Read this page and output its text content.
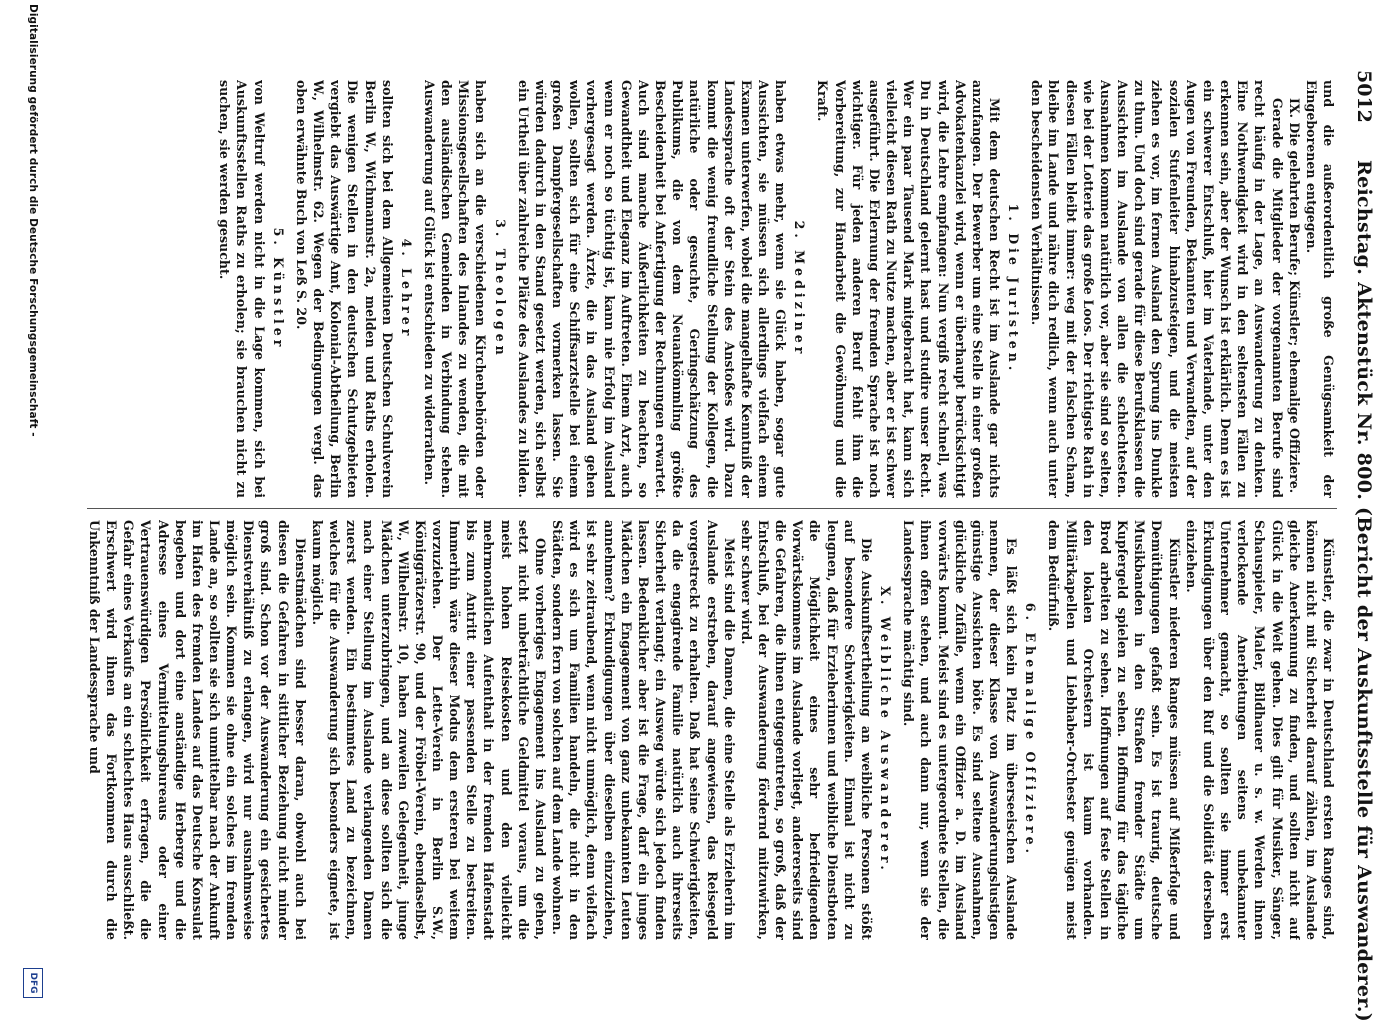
5012
Reichstag. Aktenstück Nr. 800. (Bericht der Auskunftsstelle für Auswanderer.)

und die außerordentlich große Genügsamkeit der Eingeborenen entgegen.

IX. Die gelehrten Berufe; Künstler; ehemalige Offiziere.

Gerade die Mitglieder der vorgenannten Berufe sind recht häufig in der Lage, an Auswanderung zu denken. Eine Nothwendigkeit wird in den seltensten Fällen zu erkennen sein, aber der Wunsch ist erklärlich. Denn es ist ein schwerer Entschluß, hier im Vaterlande, unter den Augen von Freunden, Bekannten und Verwandten, auf der sozialen Stufenleiter hinabzusteigen, und die meisten ziehen es vor, im fernen Ausland den Sprung ins Dunkle zu thun. Und doch sind gerade für diese Berufsklassen die Aussichten im Auslande von allen die schlechtesten. Ausnahmen kommen natürlich vor, aber sie sind so selten, wie bei der Lotterie das große Loos. Der richtigste Rath in diesen Fällen bleibt immer: weg mit der falschen Scham, bleibe im Lande und nähre dich redlich, wenn auch unter den bescheidensten Verhältnissen.

1. Die Juristen.

Mit dem deutschen Recht ist im Auslande gar nichts anzufangen. Der Bewerber um eine Stelle in einer großen Advokatenkanzlei wird, wenn er überhaupt berücksichtigt wird, die Lehre empfangen: Nun vergiß recht schnell, was Du in Deutschland gelernt hast und studire unser Recht. Wer ein paar Tausend Mark mitgebracht hat, kann sich vielleicht diesen Rath zu Nutze machen, aber er ist schwer ausgeführt. Die Erlernung der fremden Sprache ist noch wichtiger. Für jeden anderen Beruf fehlt ihm die Vorbereitung, zur Handarbeit die Gewöhnung und die Kraft.

2. Mediziner

haben etwas mehr, wenn sie Glück haben, sogar gute Aussichten, sie müssen sich allerdings vielfach einem Examen unterwerfen, wobei die mangelhafte Kenntniß der Landessprache oft der Stein des Anstoßes wird. Dazu kommt die wenig freundliche Stellung der Kollegen, die natürliche oder gesuchte, Geringschätzung des Publikums, die von dem Neuankömmling größte Bescheidenheit bei Anfertigung der Rechnungen erwartet. Auch sind manche Äußerlichkeiten zu beachten, so Gewandtheit und Eleganz im Auftreten. Einem Arzt, auch wenn er noch so tüchtig ist, kann nie Erfolg im Ausland vorhergesagt werden. Ärzte, die in das Ausland gehen wollen, sollten sich für eine Schiffsarztstelle bei einem großen Dampfergesellschaften vormerken lassen. Sie würden dadurch in den Stand gesetzt werden, sich selbst ein Urtheil über zahlreiche Plätze des Auslandes zu bilden.

3. Theologen

haben sich an die verschiedenen Kirchenbehörden oder Missionsgesellschaften des Inlandes zu wenden, die mit den ausländischen Gemeinden in Verbindung stehen. Auswanderung auf Glück ist entschieden zu widerrathen.

4. Lehrer

sollten sich bei dem Allgemeinen Deutschen Schulverein Berlin W., Wichmannstr. 2a, melden und Raths erholen. Die wenigen Stellen in den deutschen Schutzgebieten vergiebt das Auswärtige Amt, Kolonial-Abtheilung, Berlin W., Wilhelmstr. 62. Wegen der Bedingungen vergl. das oben erwähnte Buch von Leß S. 20.

5. Künstler

von Weltruf werden nicht in die Lage kommen, sich bei Auskunftsstellen Raths zu erholen; sie brauchen nicht zu suchen, sie werden gesucht.

Künstler, die zwar in Deutschland ersten Ranges sind, können nicht mit Sicherheit darauf zählen, im Auslande gleiche Anerkennung zu finden, und sollten nicht auf Glück in die Welt gehen. Dies gilt für Musiker, Sänger, Schauspieler, Maler, Bildhauer u. s. w. Werden ihnen verlockende Anerbietungen seitens unbekannter Unternehmer gemacht, so sollten sie immer erst Erkundigungen über den Ruf und die Solidität derselben einziehen.

Künstler niederen Ranges müssen auf Mißerfolge und Demüthigungen gefaßt sein. Es ist traurig, deutsche Musikbanden in den Straßen fremder Städte um Kupfergeld spielen zu sehen. Hoffnung für das tägliche Brod arbeiten zu sehen. Hoffnungen auf feste Stellen in den lokalen Orchestern ist kaum vorhanden. Militärkapellen und Liebhaber-Orchester genügen meist dem Bedürfniß.

6. Ehemalige Offiziere.

Es läßt sich kein Platz im überseeischen Auslande nennen, der dieser Klasse von Auswanderungslustigen günstige Aussichten böte. Es sind seltene Ausnahmen, glückliche Zufälle, wenn ein Offizier a. D. im Ausland vorwärts kommt. Meist sind es untergeordnete Stellen, die ihnen offen stehen, und auch dann nur, wenn sie der Landessprache mächtig sind.

X. Weibliche Auswanderer.

Die Auskunftsertheilung an weibliche Personen stößt auf besondere Schwierigkeiten. Einmal ist nicht zu leugnen, daß für Erzieherinnen und weibliche Dienstboten die Möglichkeit eines sehr befriedigenden Vorwärtskommens im Auslande vorliegt, andererseits sind die Gefahren, die ihnen entgegentreten, so groß, daß der Entschluß, bei der Auswanderung fördernd mitzuwirken, sehr schwer wird.

Meist sind die Damen, die eine Stelle als Erzieherin im Auslande erstreben, darauf angewiesen, das Reisegeld vorgestreckt zu erhalten. Daß hat seine Schwierigkeiten, da die engagirende Familie natürlich auch ihrerseits Sicherheit verlangt; ein Ausweg würde sich jedoch finden lassen. Bedenklicher aber ist die Frage, darf ein junges Mädchen ein Engagement von ganz unbekannten Leuten annehmen? Erkundigungen über dieselben einzuziehen, ist sehr zeitraubend, wenn nicht unmöglich, denn vielfach wird es sich um Familien handeln, die nicht in den Städten, sondern fern von solchen auf dem Lande wohnen.

Ohne vorheriges Engagement ins Ausland zu gehen, setzt nicht unbeträchtliche Geldmittel voraus, um die meist hohen Reisekosten und den vielleicht mehrmonatlichen Aufenthalt in der fremden Hafenstadt bis zum Antritt einer passenden Stelle zu bestreiten. Immerhin wäre dieser Modus dem ersteren bei weitem vorzuziehen. Der Lette-Verein in Berlin S.W., Königgrätzerstr. 90, und der Fröbel-Verein, ebendaselbst, W., Wilhelmstr. 10, haben zuweilen Gelegenheit, junge Mädchen unterzubringen, und an diese sollten sich die nach einer Stellung im Auslande verlangenden Damen zuerst wenden. Ein bestimmtes Land zu bezeichnen, welches für die Auswanderung sich besonders eignete, ist kaum möglich.

Dienstmädchen sind besser daran, obwohl auch bei diesen die Gefahren in sittlicher Beziehung nicht minder groß sind. Schon vor der Auswanderung ein gesichertes Dienstverhältniß zu erlangen, wird nur ausnahmsweise möglich sein. Kommen sie ohne ein solches im fremden Lande an, so sollten sie sich unmittelbar nach der Ankunft im Hafen des fremden Landes auf das Deutsche Konsulat begeben und dort eine anständige Herberge und die Adresse eines Vermittelungsbureaus oder einer Vertrauenswürdigen Persönlichkeit erfragen, die die Gefahr eines Verkaufs an ein schlechtes Haus ausschließt. Erschwert wird ihnen das Fortkommen durch die Unkenntniß der Landessprache und

Digitalisierung gefördert durch die Deutsche Forschungsgemeinschaft -
DFG
